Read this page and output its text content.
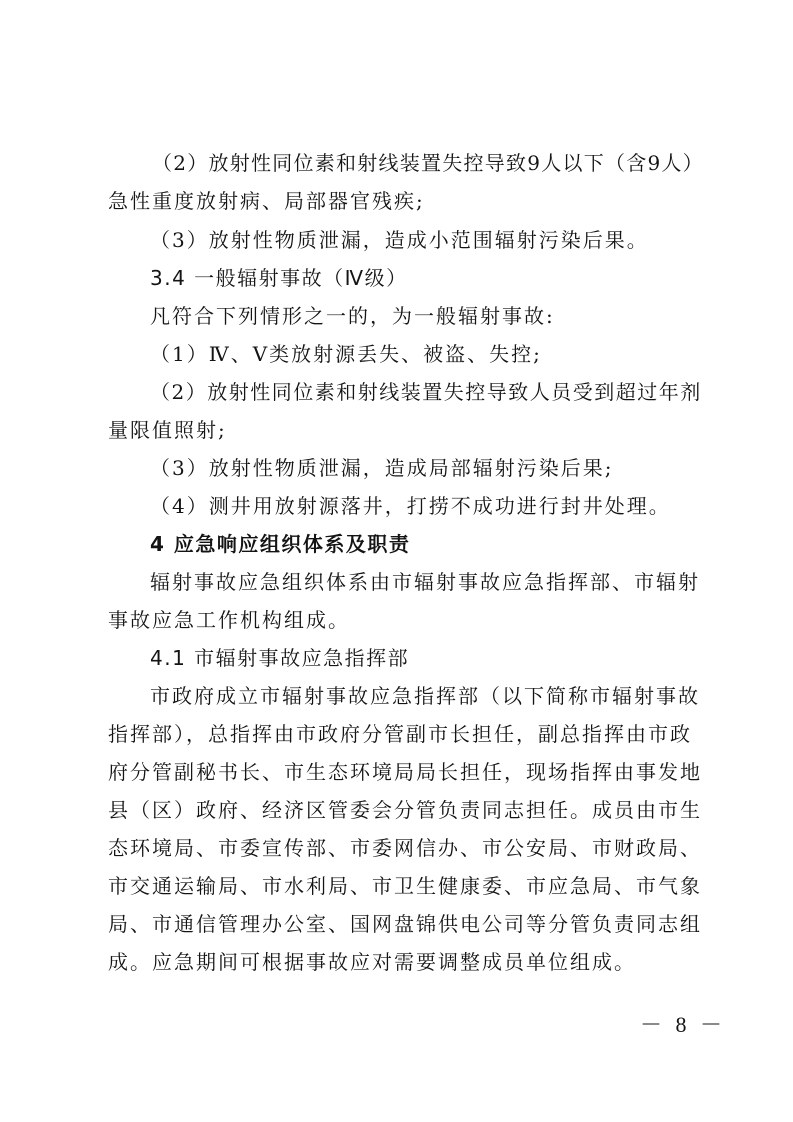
（2）放射性同位素和射线装置失控导致9人以下（含9人）
急性重度放射病、局部器官残疾;
（3）放射性物质泄漏，造成小范围辐射污染后果。
3.4 一般辐射事故（Ⅳ级）
凡符合下列情形之一的，为一般辐射事故:
（1）Ⅳ、Ⅴ类放射源丢失、被盗、失控;
（2）放射性同位素和射线装置失控导致人员受到超过年剂
量限值照射;
（3）放射性物质泄漏，造成局部辐射污染后果;
（4）测井用放射源落井，打捞不成功进行封井处理。
4 应急响应组织体系及职责
辐射事故应急组织体系由市辐射事故应急指挥部、市辐射
事故应急工作机构组成。
4.1 市辐射事故应急指挥部
市政府成立市辐射事故应急指挥部（以下简称市辐射事故
指挥部），总指挥由市政府分管副市长担任，副总指挥由市政
府分管副秘书长、市生态环境局局长担任，现场指挥由事发地
县（区）政府、经济区管委会分管负责同志担任。成员由市生
态环境局、市委宣传部、市委网信办、市公安局、市财政局、
市交通运输局、市水利局、市卫生健康委、市应急局、市气象
局、市通信管理办公室、国网盘锦供电公司等分管负责同志组
成。应急期间可根据事故应对需要调整成员单位组成。
－ 8 －
